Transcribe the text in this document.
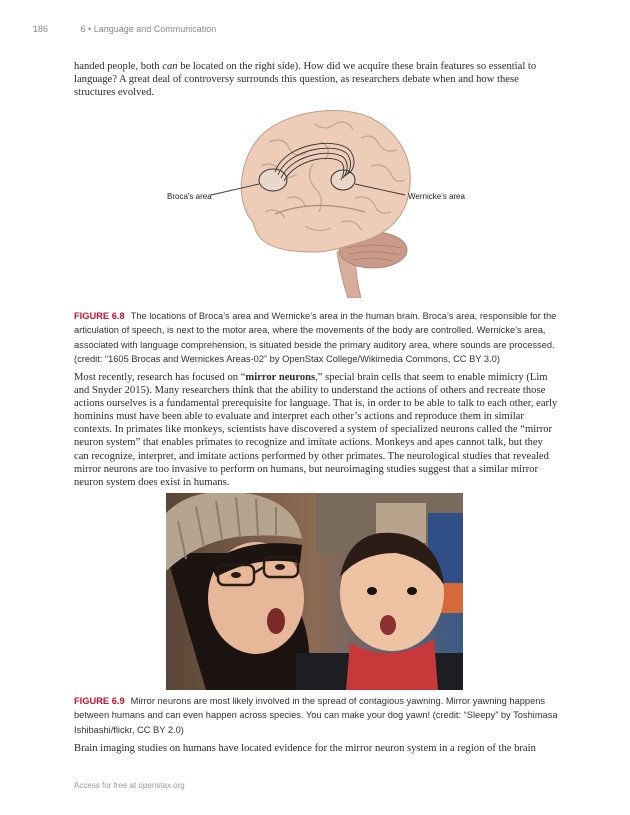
186	6 • Language and Communication

handed people, both can be located on the right side). How did we acquire these brain features so essential to language? A great deal of controversy surrounds this question, as researchers debate when and how these structures evolved.

Broca's area	Wernicke's area

FIGURE 6.8 The locations of Broca’s area and Wernicke’s area in the human brain. Broca’s area, responsible for the articulation of speech, is next to the motor area, where the movements of the body are controlled. Wernicke’s area, associated with language comprehension, is situated beside the primary auditory area, where sounds are processed. (credit: “1605 Brocas and Wernickes Areas-02” by OpenStax College/Wikimedia Commons, CC BY 3.0)

Most recently, research has focused on “mirror neurons,” special brain cells that seem to enable mimicry (Lim and Snyder 2015). Many researchers think that the ability to understand the actions of others and recreate those actions ourselves is a fundamental prerequisite for language. That is, in order to be able to talk to each other, early hominins must have been able to evaluate and interpret each other’s actions and reproduce them in similar contexts. In primates like monkeys, scientists have discovered a system of specialized neurons called the “mirror neuron system” that enables primates to recognize and imitate actions. Monkeys and apes cannot talk, but they can recognize, interpret, and imitate actions performed by other primates. The neurological studies that revealed mirror neurons are too invasive to perform on humans, but neuroimaging studies suggest that a similar mirror neuron system does exist in humans.

FIGURE 6.9 Mirror neurons are most likely involved in the spread of contagious yawning. Mirror yawning happens between humans and can even happen across species. You can make your dog yawn! (credit: “Sleepy” by Toshimasa Ishibashi/flickr, CC BY 2.0)

Brain imaging studies on humans have located evidence for the mirror neuron system in a region of the brain

Access for free at openstax.org
